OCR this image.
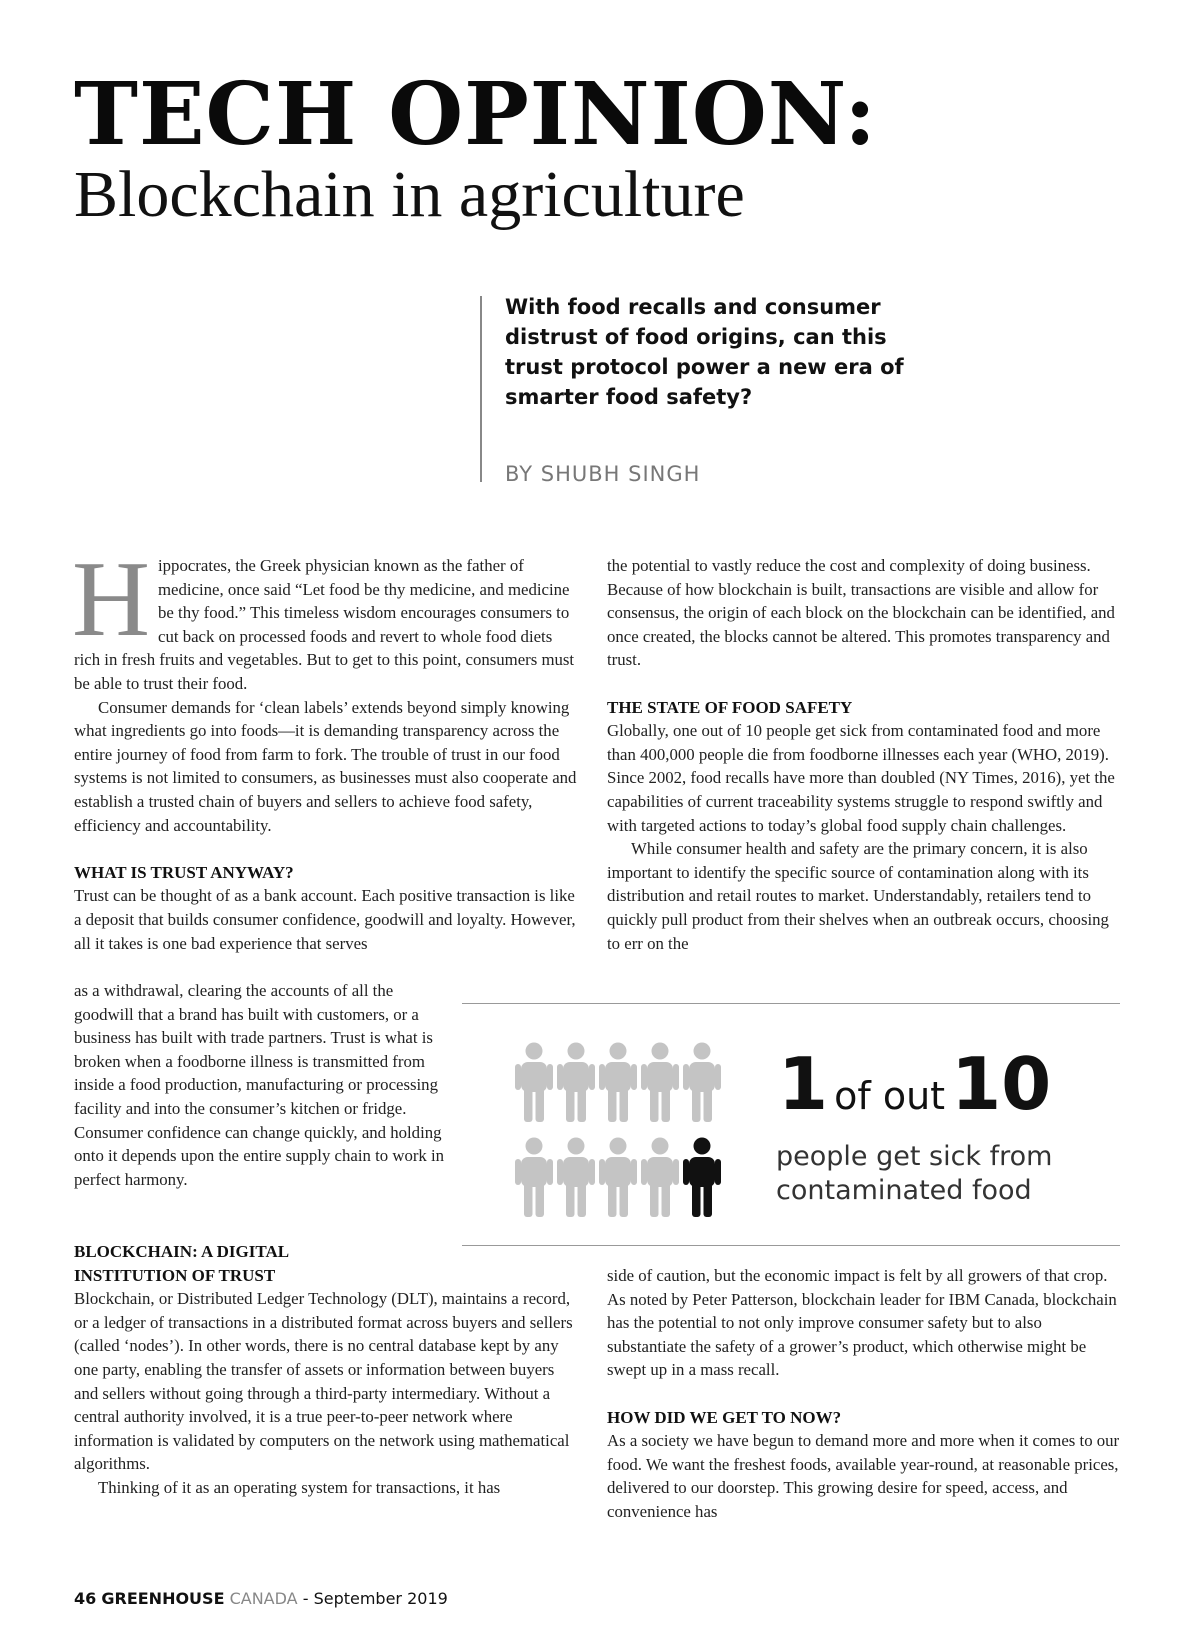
TECH OPINION:
Blockchain in agriculture
With food recalls and consumer distrust of food origins, can this trust protocol power a new era of smarter food safety?
BY SHUBH SINGH
H ippocrates, the Greek physician known as the father of medicine, once said “Let food be thy medicine, and medicine be thy food.” This timeless wisdom encourages consumers to cut back on processed foods and revert to whole food diets rich in fresh fruits and vegetables. But to get to this point, consumers must be able to trust their food.

Consumer demands for ‘clean labels’ extends beyond simply knowing what ingredients go into foods—it is demanding transparency across the entire journey of food from farm to fork. The trouble of trust in our food systems is not limited to consumers, as businesses must also cooperate and establish a trusted chain of buyers and sellers to achieve food safety, efficiency and accountability.

WHAT IS TRUST ANYWAY?

Trust can be thought of as a bank account. Each positive transaction is like a deposit that builds consumer confidence, goodwill and loyalty. However, all it takes is one bad experience that serves

as a withdrawal, clearing the accounts of all the goodwill that a brand has built with customers, or a business has built with trade partners. Trust is what is broken when a foodborne illness is transmitted from inside a food production, manufacturing or processing facility and into the consumer’s kitchen or fridge. Consumer confidence can change quickly, and holding onto it depends upon the entire supply chain to work in perfect harmony.

BLOCKCHAIN: A DIGITAL INSTITUTION OF TRUST

Blockchain, or Distributed Ledger Technology (DLT), maintains a record, or a ledger of transactions in a distributed format across buyers and sellers (called ‘nodes’). In other words, there is no central database kept by any one party, enabling the transfer of assets or information between buyers and sellers without going through a third-party intermediary. Without a central authority involved, it is a true peer-to-peer network where information is validated by computers on the network using mathematical algorithms.

Thinking of it as an operating system for transactions, it has

the potential to vastly reduce the cost and complexity of doing business. Because of how blockchain is built, transactions are visible and allow for consensus, the origin of each block on the blockchain can be identified, and once created, the blocks cannot be altered. This promotes transparency and trust.

THE STATE OF FOOD SAFETY

Globally, one out of 10 people get sick from contaminated food and more than 400,000 people die from foodborne illnesses each year (WHO, 2019). Since 2002, food recalls have more than doubled (NY Times, 2016), yet the capabilities of current traceability systems struggle to respond swiftly and with targeted actions to today’s global food supply chain challenges.

While consumer health and safety are the primary concern, it is also important to identify the specific source of contamination along with its distribution and retail routes to market. Understandably, retailers tend to quickly pull product from their shelves when an outbreak occurs, choosing to err on the

1 of out10
people get sick from contaminated food

side of caution, but the economic impact is felt by all growers of that crop. As noted by Peter Patterson, blockchain leader for IBM Canada, blockchain has the potential to not only improve consumer safety but to also substantiate the safety of a grower’s product, which otherwise might be swept up in a mass recall.

HOW DID WE GET TO NOW?

As a society we have begun to demand more and more when it comes to our food. We want the freshest foods, available year-round, at reasonable prices, delivered to our doorstep. This growing desire for speed, access, and convenience has

46 GREENHOUSE CANADA - September 2019
